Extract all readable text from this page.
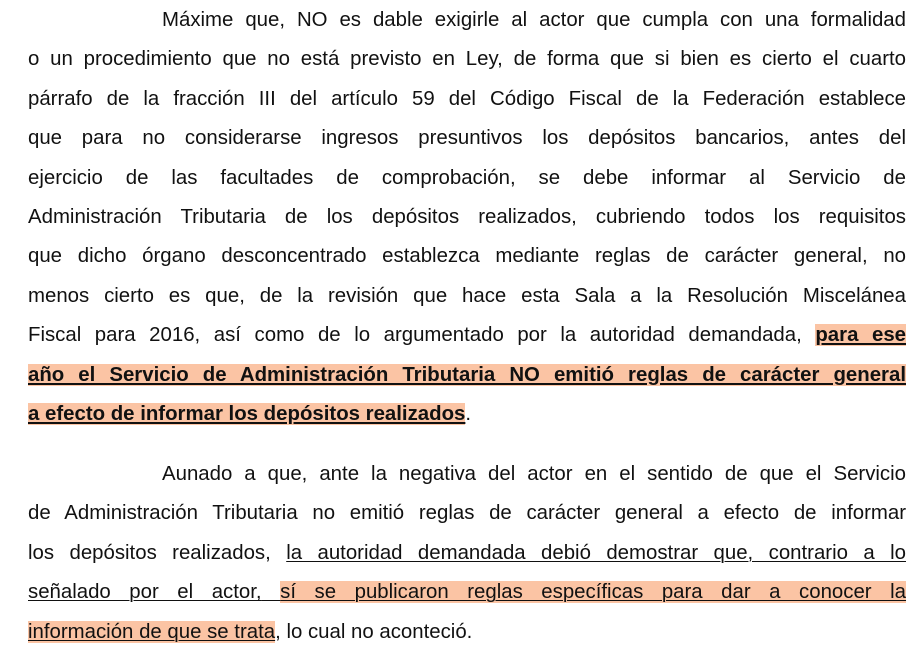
Máxime que, NO es dable exigirle al actor que cumpla con una formalidad
o un procedimiento que no está previsto en Ley, de forma que si bien es cierto el cuarto
párrafo de la fracción III del artículo 59 del Código Fiscal de la Federación establece
que para no considerarse ingresos presuntivos los depósitos bancarios, antes del
ejercicio de las facultades de comprobación, se debe informar al Servicio de
Administración Tributaria de los depósitos realizados, cubriendo todos los requisitos
que dicho órgano desconcentrado establezca mediante reglas de carácter general, no
menos cierto es que, de la revisión que hace esta Sala a la Resolución Miscelánea
Fiscal para 2016, así como de lo argumentado por la autoridad demandada, para ese
año el Servicio de Administración Tributaria NO emitió reglas de carácter general
a efecto de informar los depósitos realizados.
Aunado a que, ante la negativa del actor en el sentido de que el Servicio
de Administración Tributaria no emitió reglas de carácter general a efecto de informar
los depósitos realizados, la autoridad demandada debió demostrar que, contrario a lo
señalado por el actor, sí se publicaron reglas específicas para dar a conocer la
información de que se trata, lo cual no aconteció.
